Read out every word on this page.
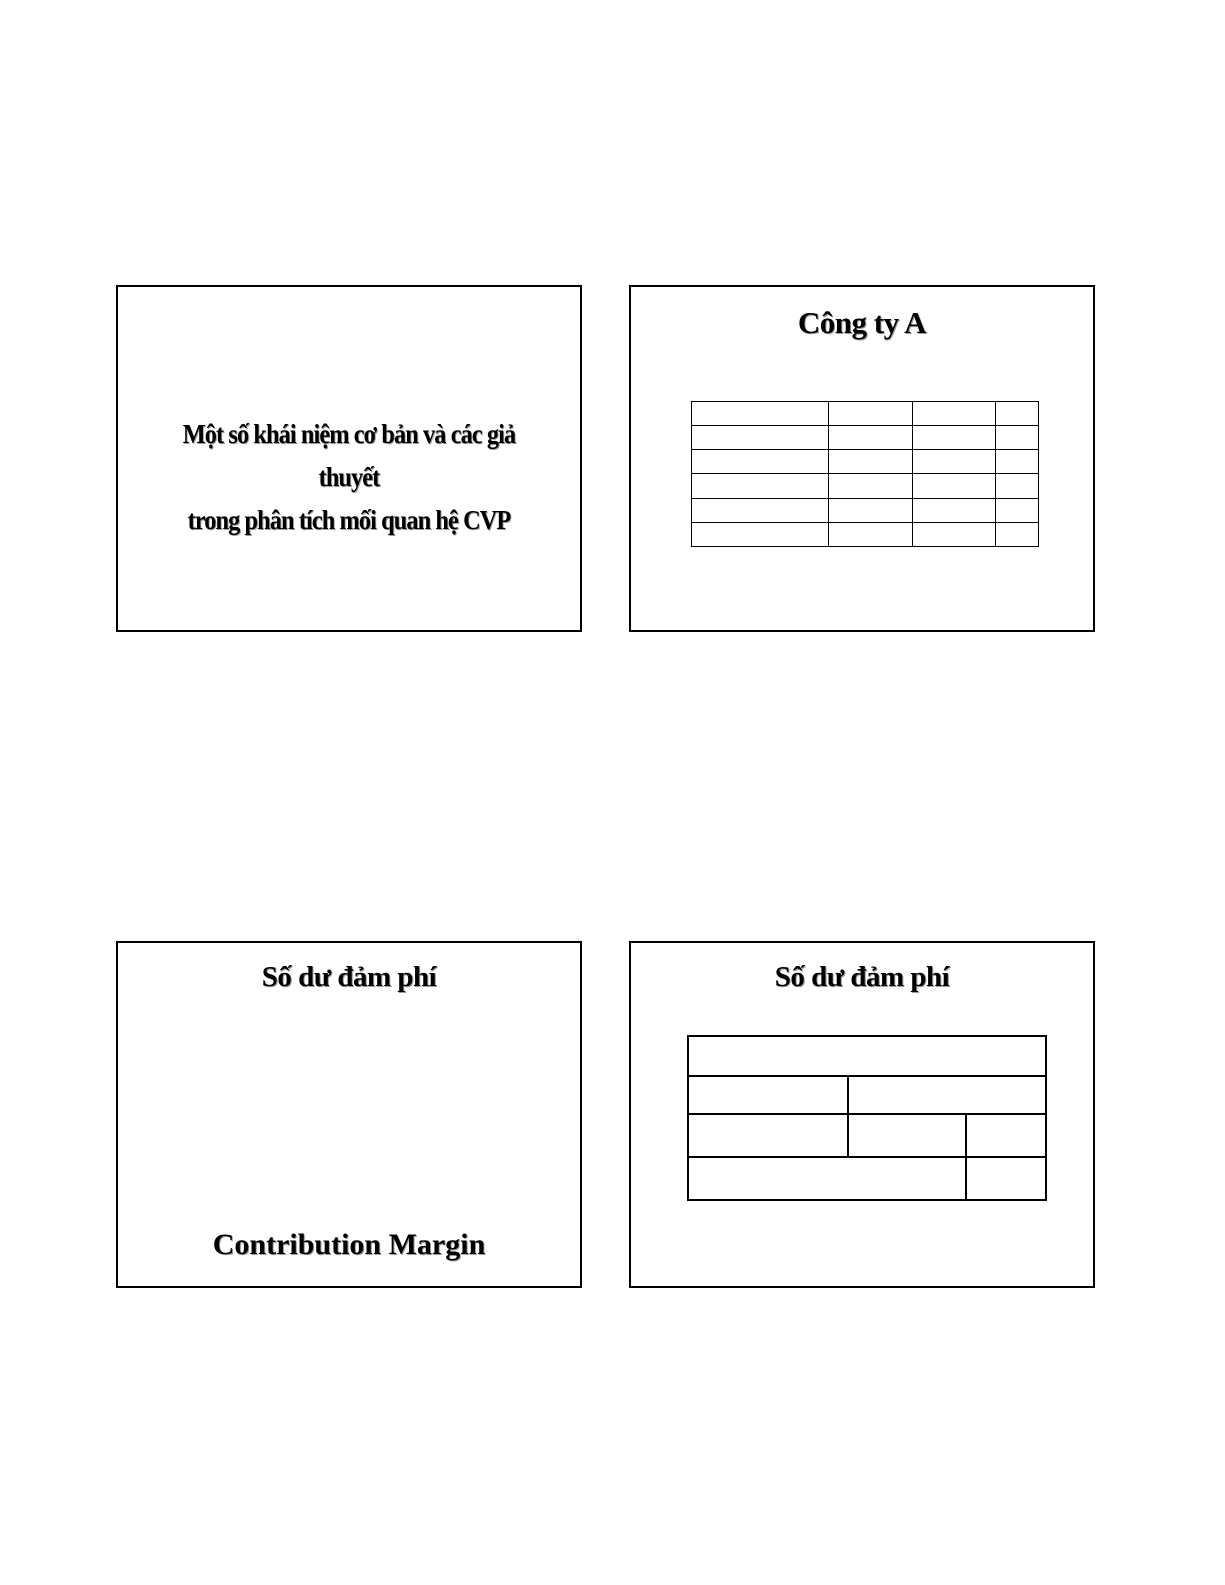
Một số khái niệm cơ bản và các giả thuyết
trong phân tích mối quan hệ CVP
Công ty A

Số dư đảm phí
Contribution Margin
Số dư đảm phí
